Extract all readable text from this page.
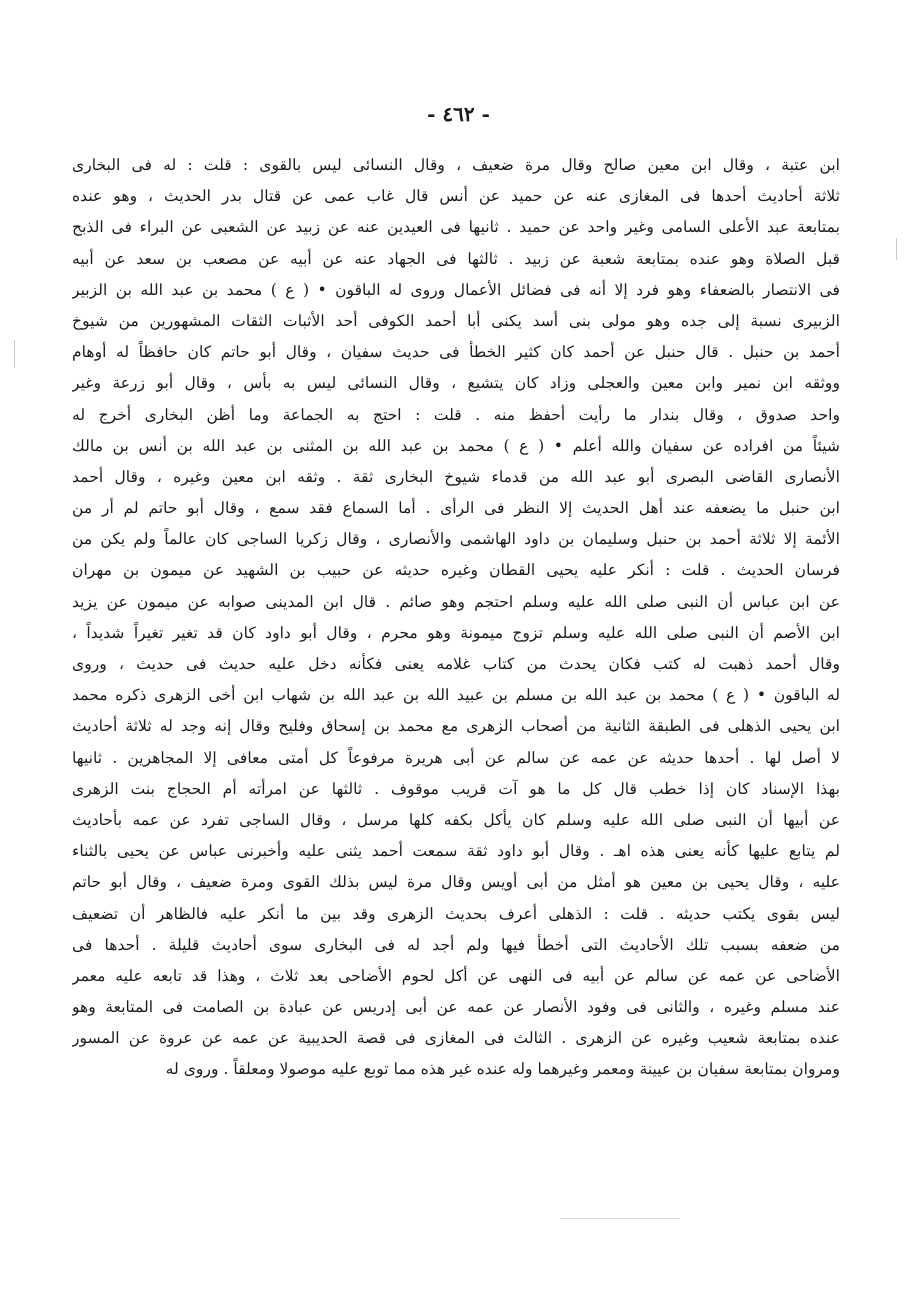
- ٤٦٢ -
ابن عتبة ، وقال ابن معين صالح وقال مرة ضعيف ، وقال النسائى ليس بالقوى : قلت : له فى البخارى
ثلاثة أحاديث أحدها فى المغازى عنه عن حميد عن أنس قال غاب عمى عن قتال بدر الحديث ، وهو عنده
بمتابعة عبد الأعلى السامى وغير واحد عن حميد . ثانيها فى العيدين عنه عن زبيد عن الشعبى عن البراء فى الذبح
قبل الصلاة وهو عنده بمتابعة شعبة عن زبيد . ثالثها فى الجهاد عنه عن أبيه عن مصعب بن سعد عن أبيه
فى الانتصار بالضعفاء وهو فرد إلا أنه فى فضائل الأعمال وروى له الباقون • ( ع ) محمد بن عبد الله بن الزبير
الزبيرى نسبة إلى جده وهو مولى بنى أسد يكنى أبا أحمد الكوفى أحد الأثبات الثقات المشهورين من شيوخ
أحمد بن حنبل . قال حنبل عن أحمد كان كثير الخطأ فى حديث سفيان ، وقال أبو حاتم كان حافظاً له أوهام
ووثقه ابن نمير وابن معين والعجلى وزاد كان يتشيع ، وقال النسائى ليس به بأس ، وقال أبو زرعة وغير
واحد صدوق ، وقال بندار ما رأيت أحفظ منه . قلت : احتج به الجماعة وما أظن البخارى أخرج له
شيئاً من افراده عن سفيان والله أعلم • ( ع ) محمد بن عبد الله بن المثنى بن عبد الله بن أنس بن مالك
الأنصارى القاضى البصرى أبو عبد الله من قدماء شيوخ البخارى ثقة . وثقه ابن معين وغيره ، وقال أحمد
ابن حنبل ما يضعفه عند أهل الحديث إلا النظر فى الرأى . أما السماع فقد سمع ، وقال أبو حاتم لم أر من
الأئمة إلا ثلاثة أحمد بن حنبل وسليمان بن داود الهاشمى والأنصارى ، وقال زكريا الساجى كان عالماً ولم يكن من
فرسان الحديث . قلت : أنكر عليه يحيى القطان وغيره حديثه عن حبيب بن الشهيد عن ميمون بن مهران
عن ابن عباس أن النبى صلى الله عليه وسلم احتجم وهو صائم . قال ابن المدينى صوابه عن ميمون عن يزيد
ابن الأصم أن النبى صلى الله عليه وسلم تزوج ميمونة وهو محرم ، وقال أبو داود كان قد تغير تغيراً شديداً ،
وقال أحمد ذهبت له كتب فكان يحدث من كتاب غلامه يعنى فكأنه دخل عليه حديث فى حديث ، وروى
له الباقون • ( ع ) محمد بن عبد الله بن مسلم بن عبيد الله بن عبد الله بن شهاب ابن أخى الزهرى ذكره محمد
ابن يحيى الذهلى فى الطبقة الثانية من أصحاب الزهرى مع محمد بن إسحاق وفليح وقال إنه وجد له ثلاثة أحاديث
لا أصل لها . أحدها حديثه عن عمه عن سالم عن أبى هريرة مرفوعاً كل أمتى معافى إلا المجاهرين . ثانيها
بهذا الإسناد كان إذا خطب قال كل ما هو آت قريب موقوف . ثالثها عن امرأته أم الحجاج بنت الزهرى
عن أبيها أن النبى صلى الله عليه وسلم كان يأكل بكفه كلها مرسل ، وقال الساجى تفرد عن عمه بأحاديث
لم يتابع عليها كأنه يعنى هذه اهـ . وقال أبو داود ثقة سمعت أحمد يثنى عليه وأخبرنى عباس عن يحيى بالثناء
عليه ، وقال يحيى بن معين هو أمثل من أبى أويس وقال مرة ليس بذلك القوى ومرة ضعيف ، وقال أبو حاتم
ليس بقوى يكتب حديثه . قلت : الذهلى أعرف بحديث الزهرى وقد بين ما أنكر عليه فالظاهر أن تضعيف
من ضعفه بسبب تلك الأحاديث التى أخطأ فيها ولم أجد له فى البخارى سوى أحاديث قليلة . أحدها فى
الأضاحى عن عمه عن سالم عن أبيه فى النهى عن أكل لحوم الأضاحى بعد ثلاث ، وهذا قد تابعه عليه معمر
عند مسلم وغيره ، والثانى فى وفود الأنصار عن عمه عن أبى إدريس عن عبادة بن الصامت فى المتابعة وهو
عنده بمتابعة شعيب وغيره عن الزهرى . الثالث فى المغازى فى قصة الحديبية عن عمه عن عروة عن المسور
ومروان بمتابعة سفيان بن عيينة ومعمر وغيرهما وله عنده غير هذه مما توبع عليه موصولا ومعلقاً . وروى له
